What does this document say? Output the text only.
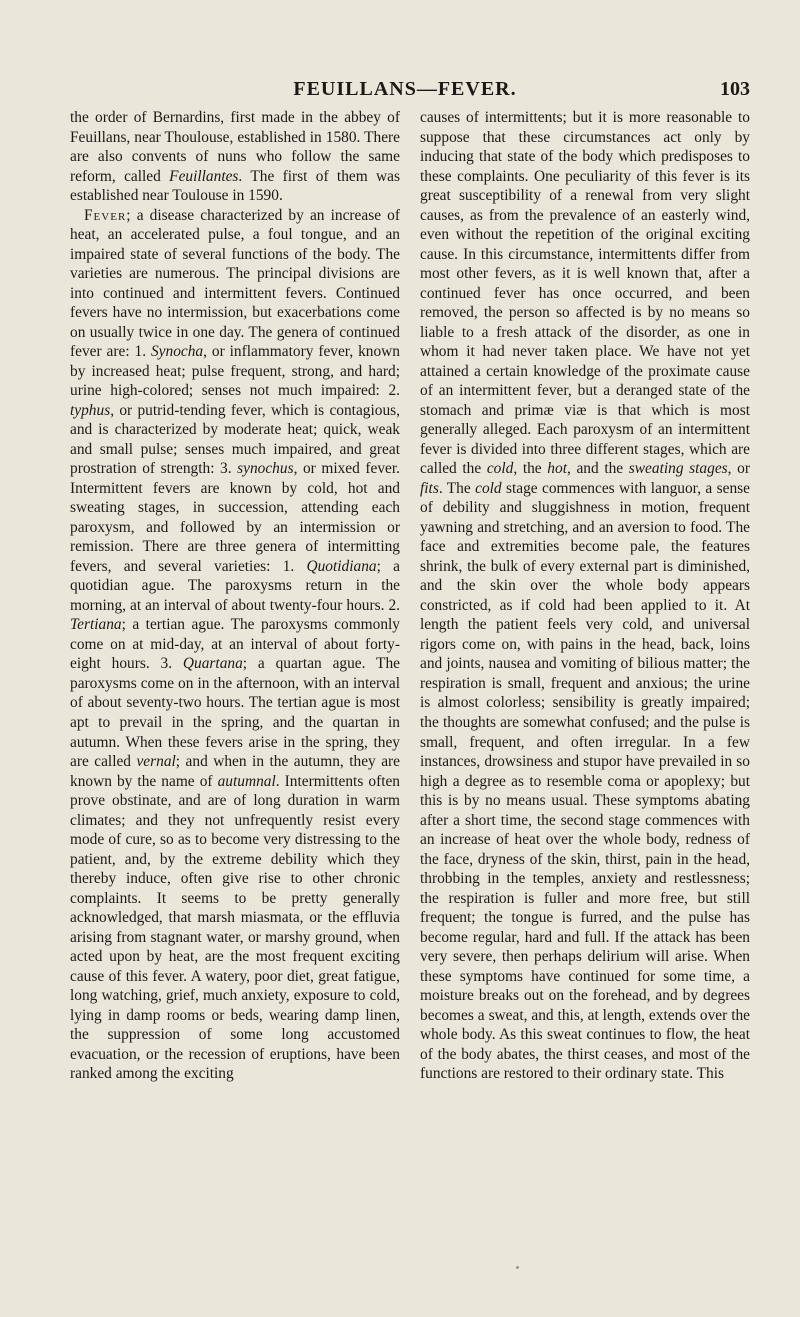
FEUILLANS—FEVER.	103

the order of Bernardins, first made in the abbey of Feuillans, near Thoulouse, established in 1580. There are also convents of nuns who follow the same reform, called Feuillantes. The first of them was established near Toulouse in 1590.

Fever; a disease characterized by an increase of heat, an accelerated pulse, a foul tongue, and an impaired state of several functions of the body. The varieties are numerous. The principal divisions are into continued and intermittent fevers. Continued fevers have no intermission, but exacerbations come on usually twice in one day. The genera of continued fever are: 1. Synocha, or inflammatory fever, known by increased heat; pulse frequent, strong, and hard; urine high-colored; senses not much impaired: 2. typhus, or putrid-tending fever, which is contagious, and is characterized by moderate heat; quick, weak and small pulse; senses much impaired, and great prostration of strength: 3. synochus, or mixed fever. Intermittent fevers are known by cold, hot and sweating stages, in succession, attending each paroxysm, and followed by an intermission or remission. There are three genera of intermitting fevers, and several varieties: 1. Quotidiana; a quotidian ague. The paroxysms return in the morning, at an interval of about twenty-four hours. 2. Tertiana; a tertian ague. The paroxysms commonly come on at mid-day, at an interval of about forty-eight hours. 3. Quartana; a quartan ague. The paroxysms come on in the afternoon, with an interval of about seventy-two hours. The tertian ague is most apt to prevail in the spring, and the quartan in autumn. When these fevers arise in the spring, they are called vernal; and when in the autumn, they are known by the name of autumnal. Intermittents often prove obstinate, and are of long duration in warm climates; and they not unfrequently resist every mode of cure, so as to become very distressing to the patient, and, by the extreme debility which they thereby induce, often give rise to other chronic complaints. It seems to be pretty generally acknowledged, that marsh miasmata, or the effluvia arising from stagnant water, or marshy ground, when acted upon by heat, are the most frequent exciting cause of this fever. A watery, poor diet, great fatigue, long watching, grief, much anxiety, exposure to cold, lying in damp rooms or beds, wearing damp linen, the suppression of some long accustomed evacuation, or the recession of eruptions, have been ranked among the exciting

causes of intermittents; but it is more reasonable to suppose that these circumstances act only by inducing that state of the body which predisposes to these complaints. One peculiarity of this fever is its great susceptibility of a renewal from very slight causes, as from the prevalence of an easterly wind, even without the repetition of the original exciting cause. In this circumstance, intermittents differ from most other fevers, as it is well known that, after a continued fever has once occurred, and been removed, the person so affected is by no means so liable to a fresh attack of the disorder, as one in whom it had never taken place. We have not yet attained a certain knowledge of the proximate cause of an intermittent fever, but a deranged state of the stomach and primæ viæ is that which is most generally alleged. Each paroxysm of an intermittent fever is divided into three different stages, which are called the cold, the hot, and the sweating stages, or fits. The cold stage commences with languor, a sense of debility and sluggishness in motion, frequent yawning and stretching, and an aversion to food. The face and extremities become pale, the features shrink, the bulk of every external part is diminished, and the skin over the whole body appears constricted, as if cold had been applied to it. At length the patient feels very cold, and universal rigors come on, with pains in the head, back, loins and joints, nausea and vomiting of bilious matter; the respiration is small, frequent and anxious; the urine is almost colorless; sensibility is greatly impaired; the thoughts are somewhat confused; and the pulse is small, frequent, and often irregular. In a few instances, drowsiness and stupor have prevailed in so high a degree as to resemble coma or apoplexy; but this is by no means usual. These symptoms abating after a short time, the second stage commences with an increase of heat over the whole body, redness of the face, dryness of the skin, thirst, pain in the head, throbbing in the temples, anxiety and restlessness; the respiration is fuller and more free, but still frequent; the tongue is furred, and the pulse has become regular, hard and full. If the attack has been very severe, then perhaps delirium will arise. When these symptoms have continued for some time, a moisture breaks out on the forehead, and by degrees becomes a sweat, and this, at length, extends over the whole body. As this sweat continues to flow, the heat of the body abates, the thirst ceases, and most of the functions are restored to their ordinary state. This
